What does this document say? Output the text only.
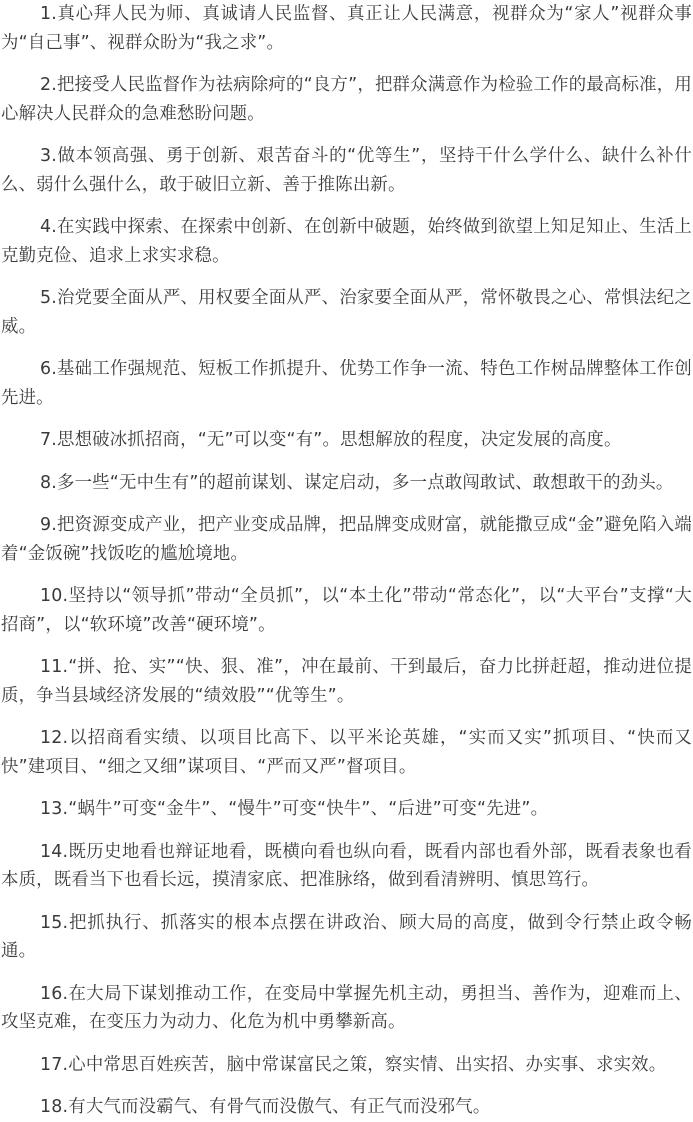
1.真心拜人民为师、真诚请人民监督、真正让人民满意，视群众为“家人”视群众事为“自己事”、视群众盼为“我之求”。

2.把接受人民监督作为祛病除疴的“良方”，把群众满意作为检验工作的最高标准，用心解决人民群众的急难愁盼问题。

3.做本领高强、勇于创新、艰苦奋斗的“优等生”，坚持干什么学什么、缺什么补什么、弱什么强什么，敢于破旧立新、善于推陈出新。

4.在实践中探索、在探索中创新、在创新中破题，始终做到欲望上知足知止、生活上克勤克俭、追求上求实求稳。

5.治党要全面从严、用权要全面从严、治家要全面从严，常怀敬畏之心、常惧法纪之威。

6.基础工作强规范、短板工作抓提升、优势工作争一流、特色工作树品牌整体工作创先进。

7.思想破冰抓招商，“无”可以变“有”。思想解放的程度，决定发展的高度。

8.多一些“无中生有”的超前谋划、谋定启动，多一点敢闯敢试、敢想敢干的劲头。

9.把资源变成产业，把产业变成品牌，把品牌变成财富，就能撒豆成“金”避免陷入端着“金饭碗”找饭吃的尴尬境地。

10.坚持以“领导抓”带动“全员抓”，以“本土化”带动“常态化”，以“大平台”支撑“大招商”，以“软环境”改善“硬环境”。

11.“拼、抢、实”“快、狠、准”，冲在最前、干到最后，奋力比拼赶超，推动进位提质，争当县域经济发展的“绩效股”“优等生”。

12.以招商看实绩、以项目比高下、以平米论英雄，“实而又实”抓项目、“快而又快”建项目、“细之又细”谋项目、“严而又严”督项目。

13.“蜗牛”可变“金牛”、“慢牛”可变“快牛”、“后进”可变“先进”。

14.既历史地看也辩证地看，既横向看也纵向看，既看内部也看外部，既看表象也看本质，既看当下也看长远，摸清家底、把准脉络，做到看清辨明、慎思笃行。

15.把抓执行、抓落实的根本点摆在讲政治、顾大局的高度，做到令行禁止政令畅通。

16.在大局下谋划推动工作，在变局中掌握先机主动，勇担当、善作为，迎难而上、攻坚克难，在变压力为动力、化危为机中勇攀新高。

17.心中常思百姓疾苦，脑中常谋富民之策，察实情、出实招、办实事、求实效。

18.有大气而没霸气、有骨气而没傲气、有正气而没邪气。
